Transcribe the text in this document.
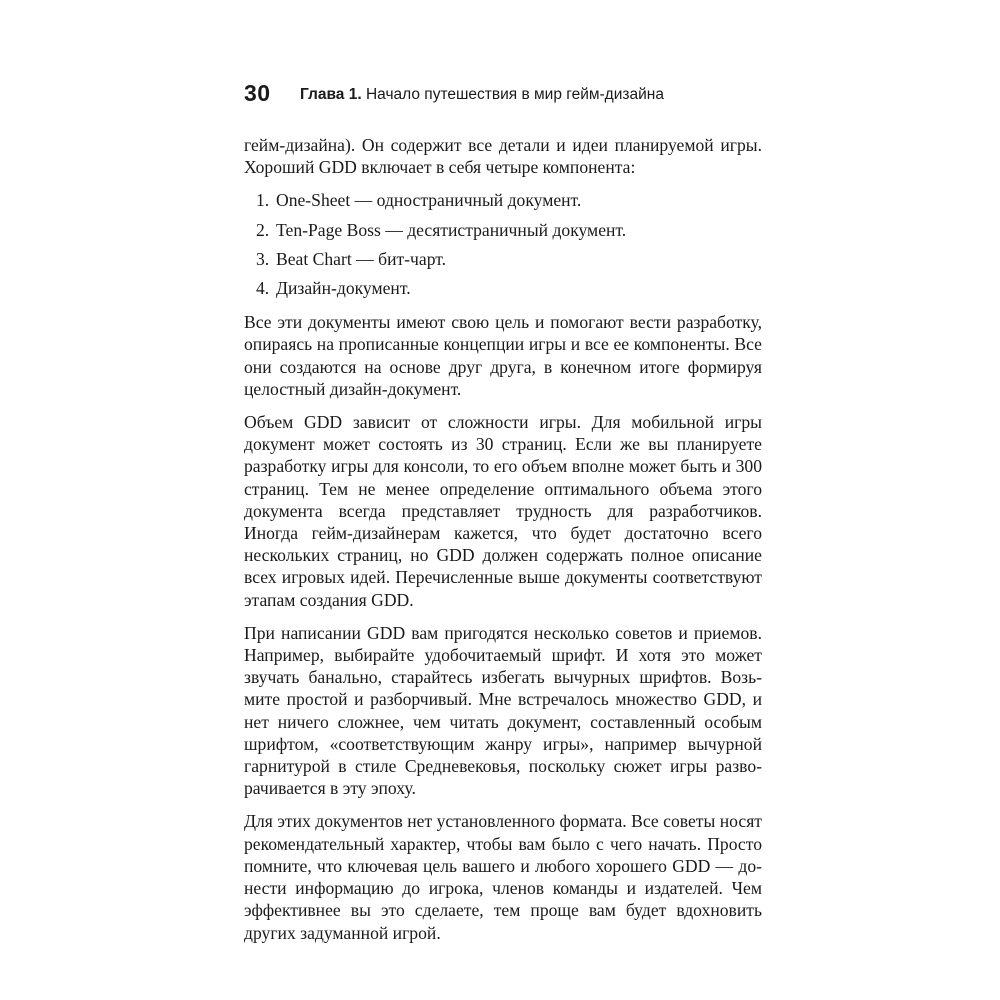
30 Глава 1. Начало путешествия в мир гейм-дизайна

гейм-дизайна). Он содержит все детали и идеи планируемой игры. Хороший GDD включает в себя четыре компонента:

1. One-Sheet — одностраничный документ.
2. Ten-Page Boss — десятистраничный документ.
3. Beat Chart — бит-чарт.
4. Дизайн-документ.

Все эти документы имеют свою цель и помогают вести разработку, опираясь на прописанные концепции игры и все ее компоненты. Все они создаются на основе друг друга, в конечном итоге формируя целостный дизайн-документ.

Объем GDD зависит от сложности игры. Для мобильной игры документ может состоять из 30 страниц. Если же вы планируете разработку игры для консоли, то его объем вполне может быть и 300 страниц. Тем не менее определение оптимального объема этого документа всегда представляет трудность для разработчиков. Иногда гейм-дизайнерам кажется, что будет достаточно всего нескольких страниц, но GDD должен содержать полное описание всех игровых идей. Перечисленные выше документы соответствуют этапам создания GDD.

При написании GDD вам пригодятся несколько советов и приемов. Например, выбирайте удобочитаемый шрифт. И хотя это может звучать банально, старайтесь избегать вычурных шрифтов. Возьмите простой и разборчивый. Мне встречалось множество GDD, и нет ничего сложнее, чем читать документ, составленный особым шрифтом, «соответствующим жанру игры», например вычурной гарнитурой в стиле Средневековья, поскольку сюжет игры разворачивается в эту эпоху.

Для этих документов нет установленного формата. Все советы носят рекомендательный характер, чтобы вам было с чего начать. Просто помните, что ключевая цель вашего и любого хорошего GDD — донести информацию до игрока, членов команды и издателей. Чем эффективнее вы это сделаете, тем проще вам будет вдохновить других задуманной игрой.
